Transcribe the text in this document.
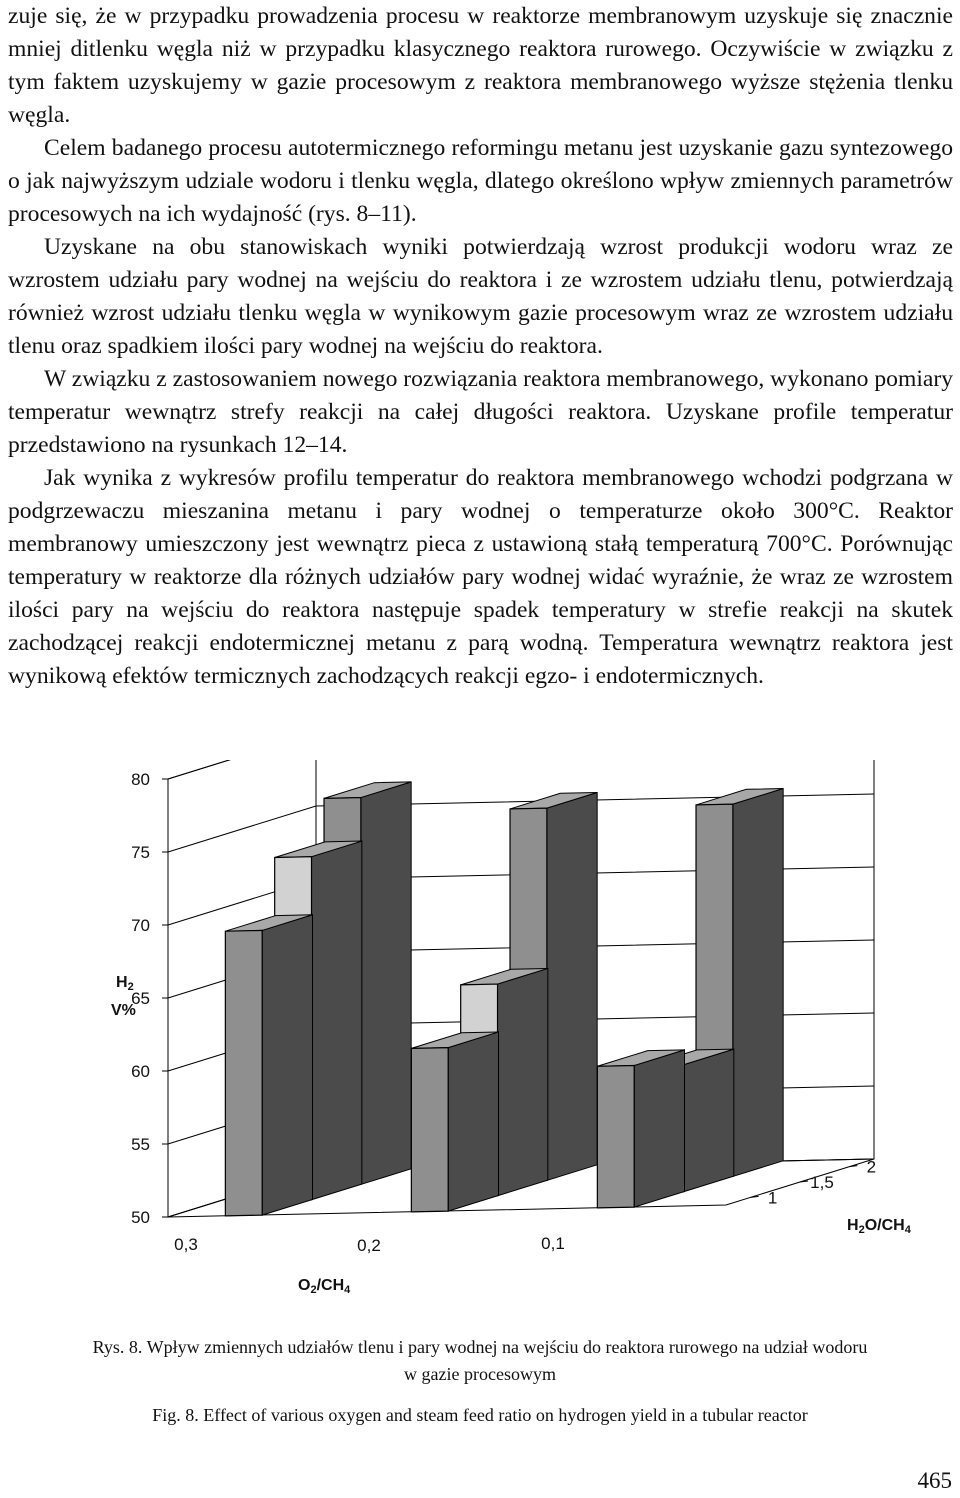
zuje się, że w przypadku prowadzenia procesu w reaktorze membranowym uzyskuje się znacznie mniej ditlenku węgla niż w przypadku klasycznego reaktora rurowego. Oczywiście w związku z tym faktem uzyskujemy w gazie procesowym z reaktora membranowego wyższe stężenia tlenku węgla.

Celem badanego procesu autotermicznego reformingu metanu jest uzyskanie gazu syntezowego o jak najwyższym udziale wodoru i tlenku węgla, dlatego określono wpływ zmiennych parametrów procesowych na ich wydajność (rys. 8–11).

Uzyskane na obu stanowiskach wyniki potwierdzają wzrost produkcji wodoru wraz ze wzrostem udziału pary wodnej na wejściu do reaktora i ze wzrostem udziału tlenu, potwierdzają również wzrost udziału tlenku węgla w wynikowym gazie procesowym wraz ze wzrostem udziału tlenu oraz spadkiem ilości pary wodnej na wejściu do reaktora.

W związku z zastosowaniem nowego rozwiązania reaktora membranowego, wykonano pomiary temperatur wewnątrz strefy reakcji na całej długości reaktora. Uzyskane profile temperatur przedstawiono na rysunkach 12–14.

Jak wynika z wykresów profilu temperatur do reaktora membranowego wchodzi podgrzana w podgrzewaczu mieszanina metanu i pary wodnej o temperaturze około 300°C. Reaktor membranowy umieszczony jest wewnątrz pieca z ustawioną stałą temperaturą 700°C. Porównując temperatury w reaktorze dla różnych udziałów pary wodnej widać wyraźnie, że wraz ze wzrostem ilości pary na wejściu do reaktora następuje spadek temperatury w strefie reakcji na skutek zachodzącej reakcji endotermicznej metanu z parą wodną. Temperatura wewnątrz reaktora jest wynikową efektów termicznych zachodzących reakcji egzo- i endotermicznych.

50
55
60
65
70
75
80
0,3	0,2	0,1
1
1,5
2
H2
V%
O2/CH4
H2O/CH4
Rys. 8. Wpływ zmiennych udziałów tlenu i pary wodnej na wejściu do reaktora rurowego na udział wodoru
w gazie procesowym
Fig. 8. Effect of various oxygen and steam feed ratio on hydrogen yield in a tubular reactor
465
